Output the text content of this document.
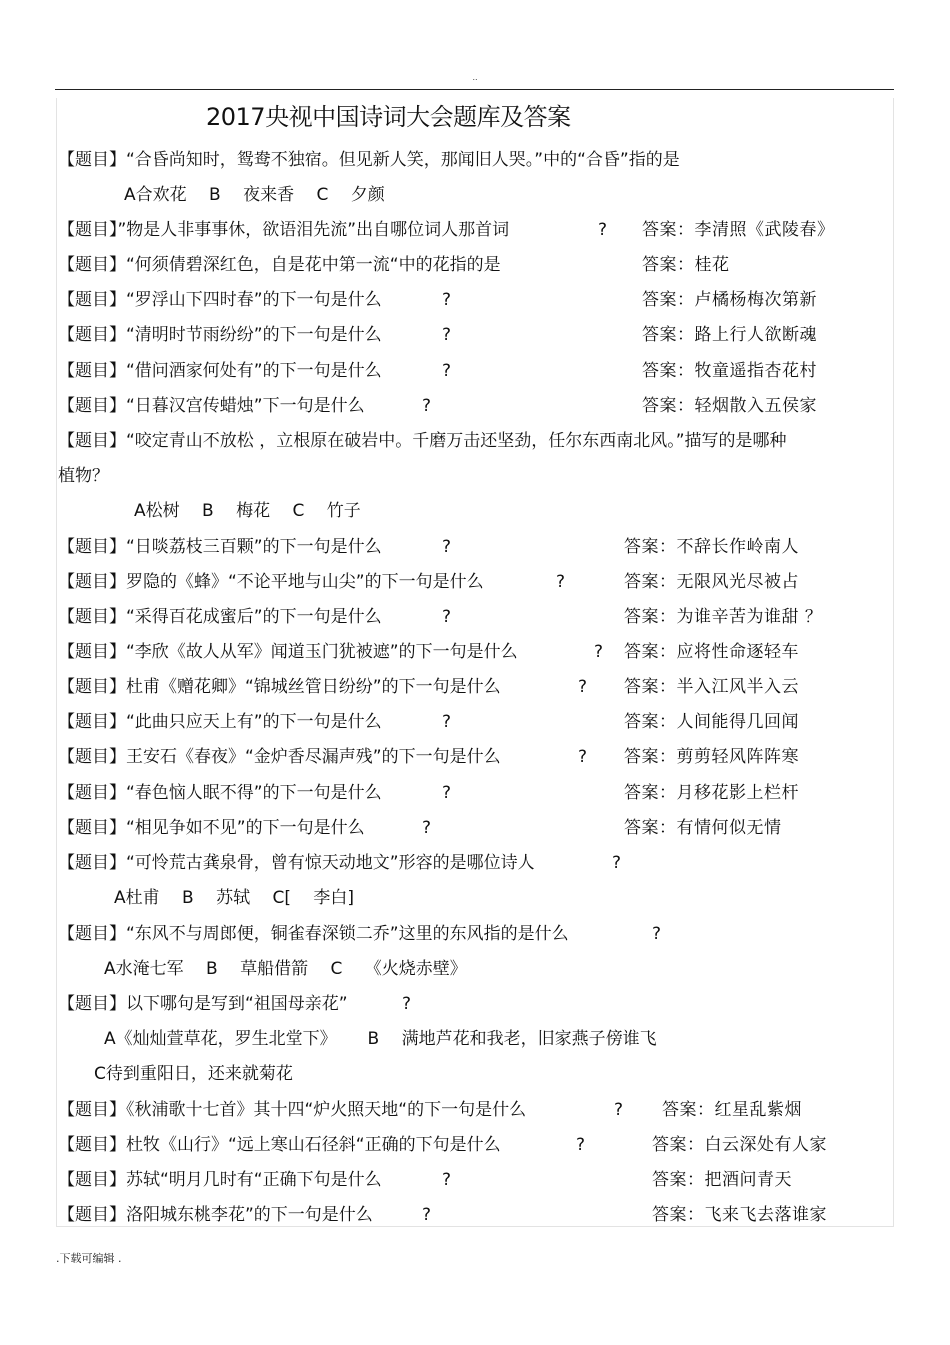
..
2017央视中国诗词大会题库及答案
【题目】“合昏尚知时，鸳鸯不独宿。但见新人笑，那闻旧人哭。”中的“合昏”指的是
A合欢花　 B　 夜来香　 C　 夕颜
【题目】”物是人非事事休，欲语泪先流”出自哪位词人那首词	? 答案：李清照《武陵春》
【题目】“何须倩碧深红色，自是花中第一流“中的花指的是	答案：桂花
【题目】“罗浮山下四时春”的下一句是什么	?	答案：卢橘杨梅次第新
【题目】“清明时节雨纷纷”的下一句是什么	?	答案：路上行人欲断魂
【题目】“借问酒家何处有”的下一句是什么	?	答案：牧童遥指杏花村
【题目】“日暮汉宫传蜡烛”下一句是什么	?	答案：轻烟散入五侯家
【题目】“咬定青山不放松 ，立根原在破岩中。千磨万击还坚劲，任尔东西南北风。”描写的是哪种
植物？
A松树　 B　 梅花　 C　 竹子
【题目】“日啖荔枝三百颗”的下一句是什么	?	答案：不辞长作岭南人
【题目】罗隐的《蜂》“不论平地与山尖”的下一句是什么	?	答案：无限风光尽被占
【题目】“采得百花成蜜后”的下一句是什么	?	答案：为谁辛苦为谁甜 ？
【题目】“李欣《故人从军》闻道玉门犹被遮”的下一句是什么	? 答案：应将性命逐轻车
【题目】杜甫《赠花卿》“锦城丝管日纷纷”的下一句是什么	? 答案：半入江风半入云
【题目】“此曲只应天上有”的下一句是什么	?	答案：人间能得几回闻
【题目】王安石《春夜》“金炉香尽漏声残”的下一句是什么	? 答案：剪剪轻风阵阵寒
【题目】“春色恼人眠不得”的下一句是什么	?	答案：月移花影上栏杆
【题目】“相见争如不见”的下一句是什么	?	答案：有情何似无情
【题目】“可怜荒古龚泉骨，曾有惊天动地文”形容的是哪位诗人	?
A杜甫　 B　 苏轼　 C[　 李白]
【题目】“东风不与周郎便，铜雀春深锁二乔”这里的东风指的是什么	?
A水淹七军　 B　 草船借箭　 C　 《火烧赤壁》
【题目】以下哪句是写到“祖国母亲花”	?
A《灿灿萱草花，罗生北堂下》　　 B　 满地芦花和我老，旧家燕子傍谁飞
C待到重阳日，还来就菊花
【题目】《秋浦歌十七首》其十四“炉火照天地“的下一句是什么	? 答案：红星乱紫烟
【题目】杜牧《山行》“远上寒山石径斜“正确的下句是什么	?	答案：白云深处有人家
【题目】苏轼“明月几时有“正确下句是什么	?	答案：把酒问青天
【题目】洛阳城东桃李花”的下一句是什么	?	答案：飞来飞去落谁家
.下载可编辑 .
